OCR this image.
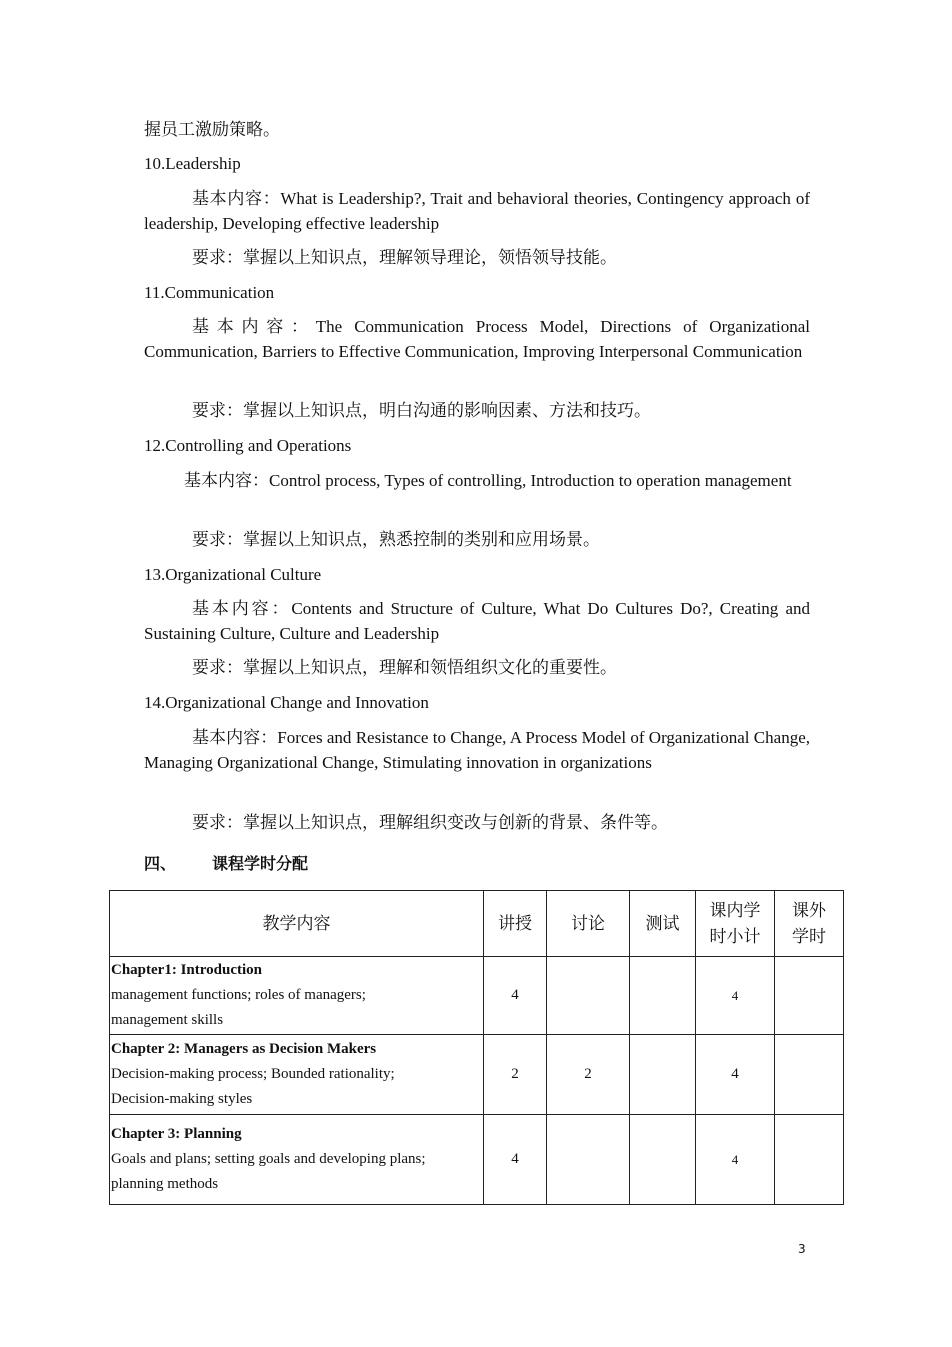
握员工激励策略。
10.Leadership
基本内容：What is Leadership?, Trait and behavioral theories, Contingency approach of leadership, Developing effective leadership
要求：掌握以上知识点，理解领导理论，领悟领导技能。
11.Communication
基本内容：The Communication Process Model, Directions of Organizational Communication, Barriers to Effective Communication, Improving Interpersonal Communication
要求：掌握以上知识点，明白沟通的影响因素、方法和技巧。
12.Controlling and Operations
基本内容：Control process, Types of controlling, Introduction to operation management
要求：掌握以上知识点，熟悉控制的类别和应用场景。
13.Organizational Culture
基本内容：Contents and Structure of Culture, What Do Cultures Do?, Creating and Sustaining Culture, Culture and Leadership
要求：掌握以上知识点，理解和领悟组织文化的重要性。
14.Organizational Change and Innovation
基本内容：Forces and Resistance to Change, A Process Model of Organizational Change, Managing Organizational Change, Stimulating innovation in organizations
要求：掌握以上知识点，理解组织变改与创新的背景、条件等。
四、 课程学时分配
教学内容	讲授	讨论	测试	课内学时小计	课外学时

Chapter1: Introduction
management functions; roles of managers;
management skills	4			4	

Chapter 2: Managers as Decision Makers
Decision-making process; Bounded rationality;
Decision-making styles	2	2		4	

Chapter 3: Planning
Goals and plans; setting goals and developing plans;
planning methods	4			4	
3
